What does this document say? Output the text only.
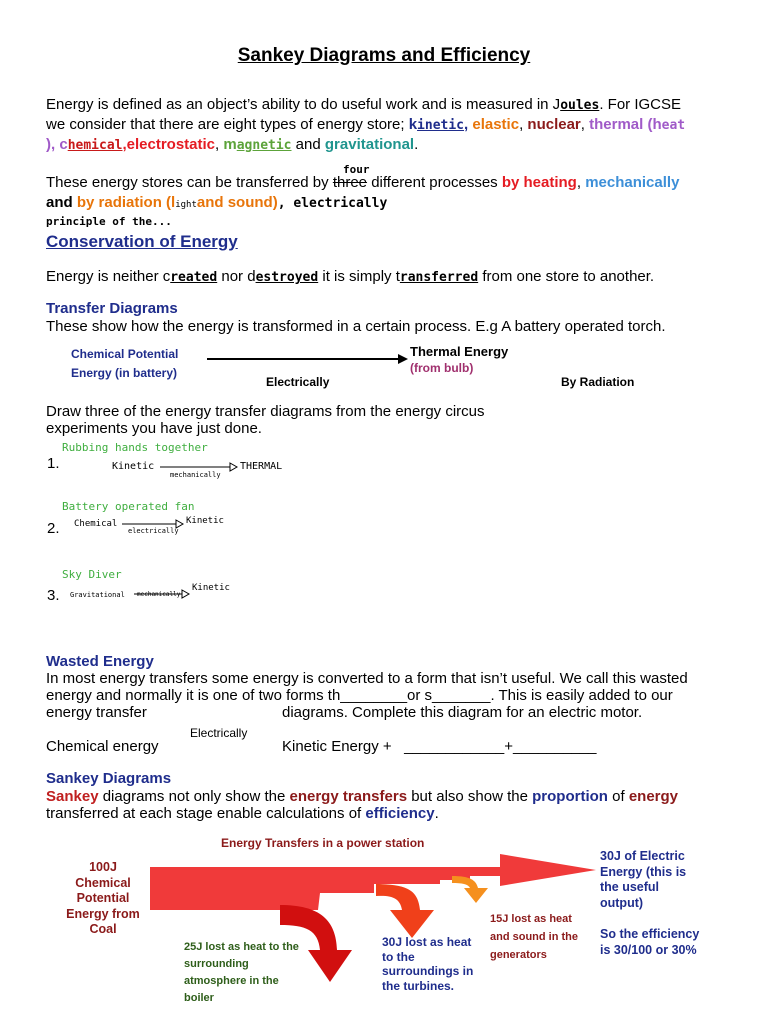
Sankey Diagrams and Efficiency
Energy is defined as an object’s ability to do useful work and is measured in Joules. For IGCSE
we consider that there are eight types of energy store; kinetic, elastic, nuclear, thermal (heat
), chemical,electrostatic, magnetic and gravitational.
four
These energy stores can be transferred by three different processes by heating, mechanically
and by radiation (lightand sound), electrically
principle of the...
Conservation of Energy
Energy is neither created nor destroyed it is simply transferred from one store to another.
Transfer Diagrams
These show how the energy is transformed in a certain process. E.g A battery operated torch.
Chemical Potential
Energy (in battery)
Thermal Energy
(from bulb)
Electrically	By Radiation
Draw three of the energy transfer diagrams from the energy circus
experiments you have just done.
Rubbing hands together
1.	Kinetic
mechanically
THERMAL
Battery operated fan
2. Chemical
electrically
Kinetic
Sky Diver
3. Gravitational mechanically
Kinetic
Wasted Energy
In most energy transfers some energy is converted to a form that isn’t useful. We call this wasted
energy and normally it is one of two forms th________or s_______. This is easily added to our
energy transfer	diagrams. Complete this diagram for an electric motor.
Electrically
Chemical energy	Kinetic Energy +   ____________+__________
Sankey Diagrams
Sankey diagrams not only show the energy transfers but also show the proportion of energy
transferred at each stage enable calculations of efficiency.
Energy Transfers in a power station
100J
Chemical
Potential
Energy from
Coal
30J of Electric
Energy (this is
the useful
output)
So the efficiency
is 30/100 or 30%
25J lost as heat to the
surrounding
atmosphere in the
boiler
30J lost as heat
to the
surroundings in
the turbines.
15J lost as heat
and sound in the
generators
